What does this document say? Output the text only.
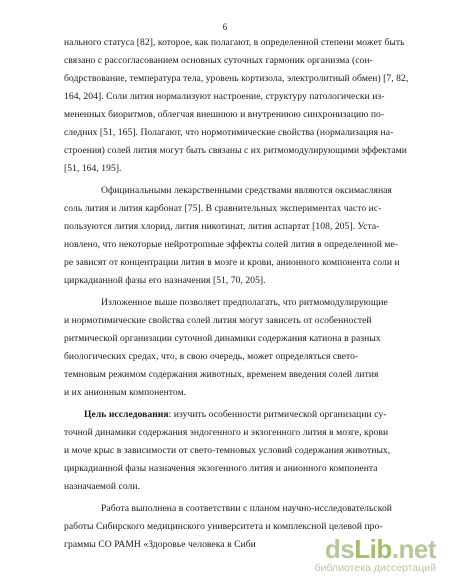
6
нального статуса [82], которое, как полагают, в определенной степени может быть
связано с рассогласованием основных суточных гармоник организма (сон-
бодрствование, температура тела, уровень кортизола, электролитный обмен) [7, 82,
164, 204]. Соли лития нормализуют настроение, структуру патологически из-
мененных биоритмов, облегчая внешнюю и внутреннюю синхронизацию по-
следних [51, 165]. Полагают, что нормотимические свойства (нормализация на-
строения) солей лития могут быть связаны с их ритмомодулирующими эффектами
[51, 164, 195].
Официнальными лекарственными средствами являются оксимасляная
соль лития и лития карбонат [75]. В сравнительных экспериментах часто ис-
пользуются лития хлорид, лития никотинат, лития аспартат [108, 205]. Уста-
новлено, что некоторые нейротропные эффекты солей лития в определенной ме-
ре зависят от концентрации лития в мозге и крови, анионного компонента соли и
циркадианной фазы его назначения [51, 70, 205].
Изложенное выше позволяет предполагать, что ритмомодулирующие
и нормотимические свойства солей лития могут зависеть от особенностей
ритмической организации суточной динамики содержания катиона в разных
биологических средах, что, в свою очередь, может определяться свето-
темновым режимом содержания животных, временем введения солей лития
и их анионным компонентом.
Цель исследования: изучить особенности ритмической организации су-
точной динамики содержания эндогенного и экзогенного лития в мозге, крови
и моче крыс в зависимости от свето-темновых условий содержания животных,
циркадианной фазы назначения экзогенного лития и анионного компонента
назначаемой соли.
Работа выполнена в соответствии с планом научно-исследовательской
работы Сибирского медицинского университета и комплексной целевой про-
граммы СО РАМН «Здоровье человека в Сиби	dsLib.net
библиотека диссертаций
